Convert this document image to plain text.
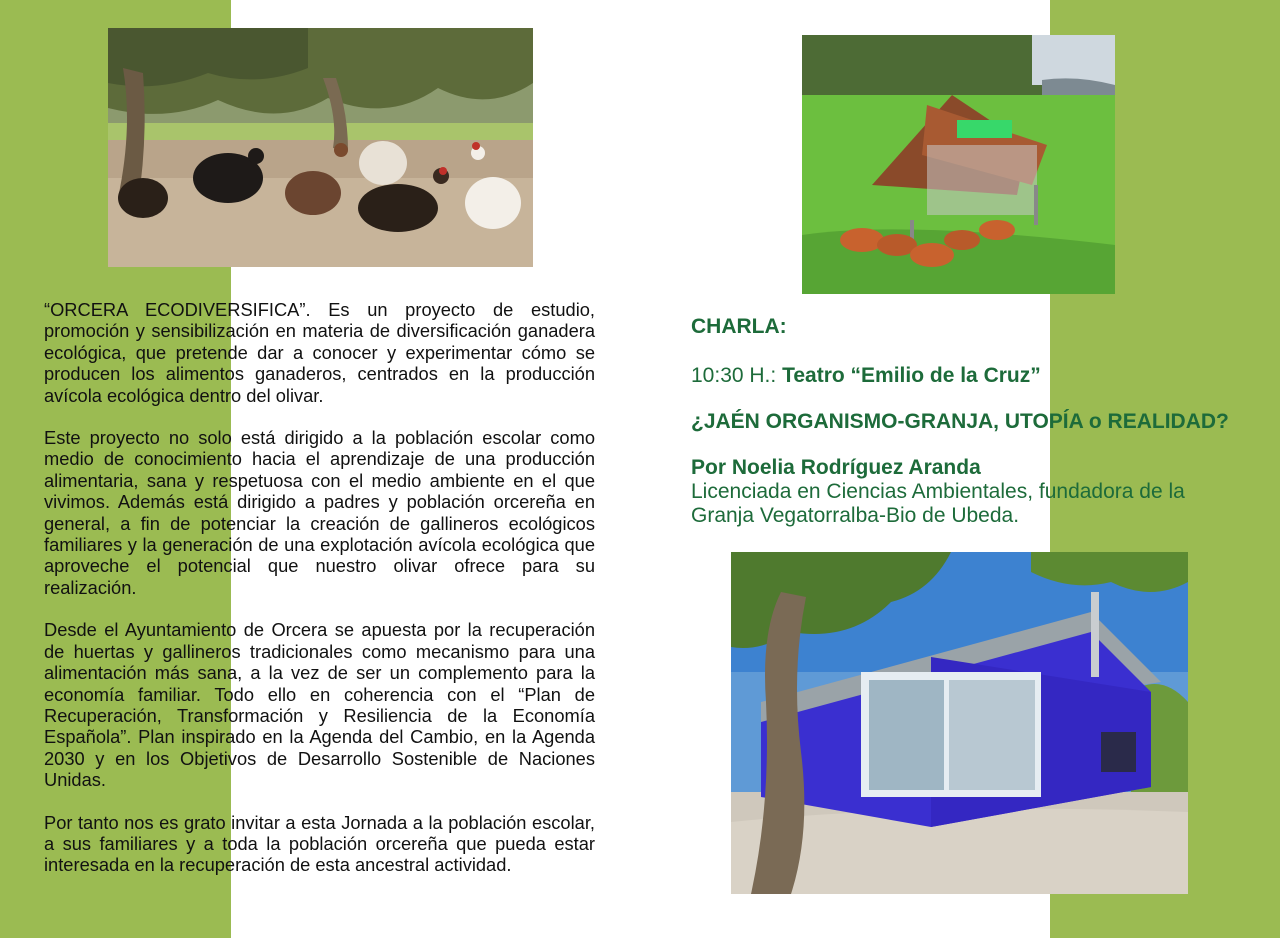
“ORCERA ECODIVERSIFICA”. Es un proyecto de estudio, promoción y sensibilización en materia de diversificación ganadera ecológica, que pretende dar a conocer y experimentar cómo se producen los alimentos ganaderos, centrados en la producción avícola ecológica dentro del olivar.

Este proyecto no solo está dirigido a la población escolar como medio de conocimiento hacia el aprendizaje de una producción alimentaria, sana y respetuosa con el medio ambiente en el que vivimos. Además está dirigido a padres y población orcereña en general, a fin de potenciar la creación de gallineros ecológicos familiares y la generación de una explotación avícola ecológica que aproveche el potencial que nuestro olivar ofrece para su realización.

Desde el Ayuntamiento de Orcera se apuesta por la recuperación de huertas y gallineros tradicionales como mecanismo para una alimentación más sana, a la vez de ser un complemento para la economía familiar. Todo ello en coherencia con el “Plan de Recuperación, Transformación y Resiliencia de la Economía Española”. Plan inspirado en la Agenda del Cambio, en la Agenda 2030 y en los Objetivos de Desarrollo Sostenible de Naciones Unidas.

Por tanto nos es grato invitar a esta Jornada a la población escolar, a sus familiares y a toda la población orcereña que pueda estar interesada en la recuperación de esta ancestral actividad.

CHARLA:
10:30 H.: Teatro “Emilio de la Cruz”
¿JAÉN ORGANISMO-GRANJA, UTOPÍA o REALIDAD?
Por Noelia Rodríguez Aranda
Licenciada en Ciencias Ambientales, fundadora de la
Granja Vegatorralba-Bio de Ubeda.
